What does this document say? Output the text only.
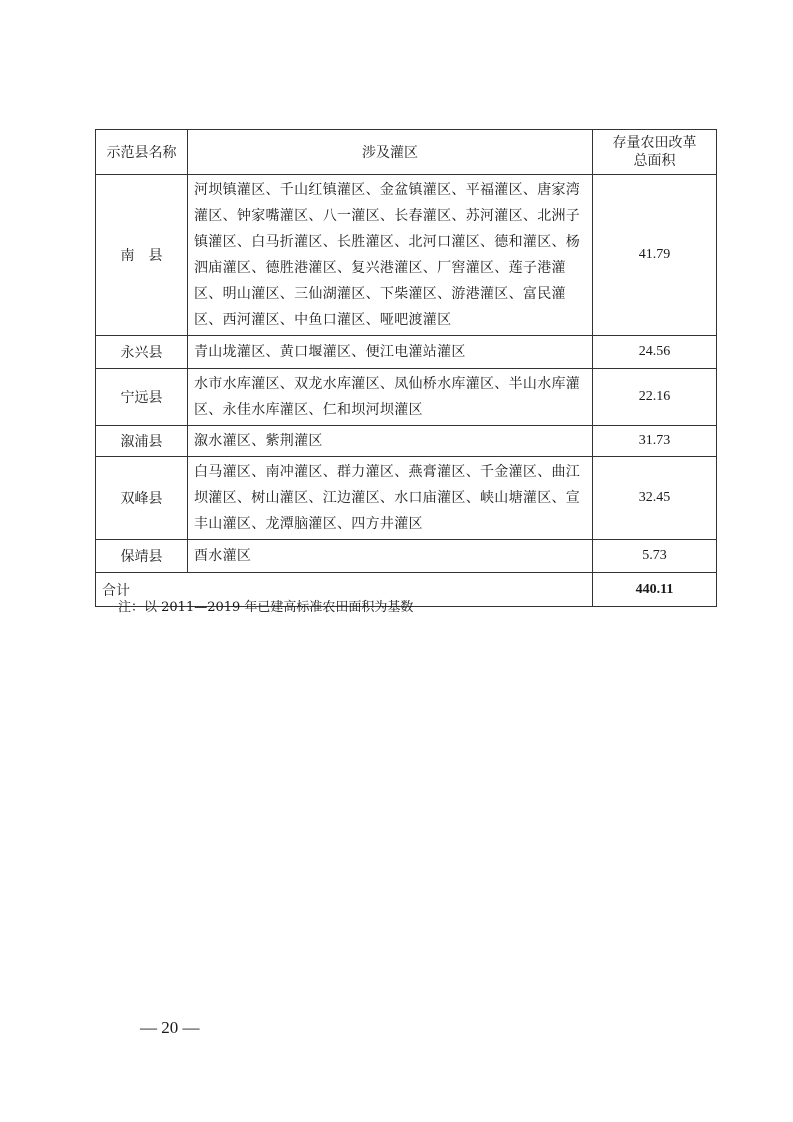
示范县名称	涉及灌区	存量农田改革
总面积

南　县	河坝镇灌区、千山红镇灌区、金盆镇灌区、平福灌区、唐家湾灌区、钟家嘴灌区、八一灌区、长春灌区、苏河灌区、北洲子镇灌区、白马折灌区、长胜灌区、北河口灌区、德和灌区、杨泗庙灌区、德胜港灌区、复兴港灌区、厂窖灌区、莲子港灌区、明山灌区、三仙湖灌区、下柴灌区、游港灌区、富民灌区、西河灌区、中鱼口灌区、哑吧渡灌区	41.79
永兴县	青山垅灌区、黄口堰灌区、便江电灌站灌区	24.56
宁远县	水市水库灌区、双龙水库灌区、凤仙桥水库灌区、半山水库灌区、永佳水库灌区、仁和坝河坝灌区	22.16
溆浦县	溆水灌区、紫荆灌区	31.73
双峰县	白马灌区、南冲灌区、群力灌区、燕膏灌区、千金灌区、曲江坝灌区、树山灌区、江边灌区、水口庙灌区、峡山塘灌区、宣丰山灌区、龙潭脑灌区、四方井灌区	32.45
保靖县	酉水灌区	5.73
合计		440.11
注：以 2011—2019 年已建高标准农田面积为基数
— 20 —
